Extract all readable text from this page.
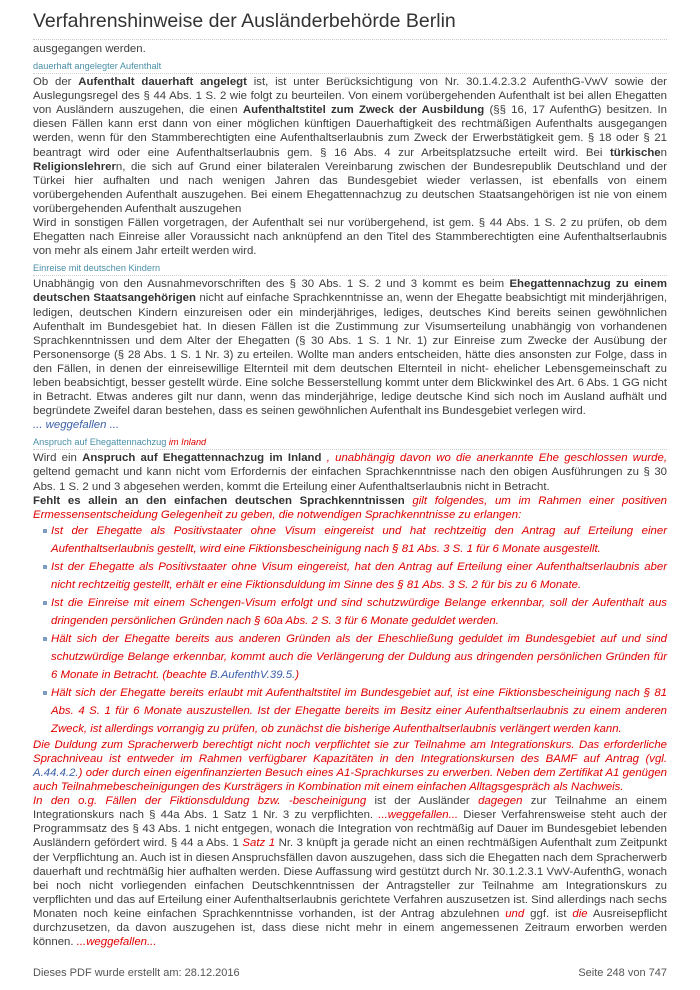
Verfahrenshinweise der Ausländerbehörde Berlin

ausgegangen werden.

dauerhaft angelegter Aufenthalt

Ob der Aufenthalt dauerhaft angelegt ist, ist unter Berücksichtigung von Nr. 30.1.4.2.3.2 AufenthG-VwV sowie der Auslegungsregel des § 44 Abs. 1 S. 2 wie folgt zu beurteilen. Von einem vorübergehenden Aufenthalt ist bei allen Ehegatten von Ausländern auszugehen, die einen Aufenthaltstitel zum Zweck der Ausbildung (§§ 16, 17 AufenthG) besitzen. In diesen Fällen kann erst dann von einer möglichen künftigen Dauerhaftigkeit des rechtmäßigen Aufenthalts ausgegangen werden, wenn für den Stammberechtigten eine Aufenthaltserlaubnis zum Zweck der Erwerbstätigkeit gem. § 18 oder § 21 beantragt wird oder eine Aufenthaltserlaubnis gem. § 16 Abs. 4 zur Arbeitsplatzsuche erteilt wird. Bei türkischen Religionslehrern, die sich auf Grund einer bilateralen Vereinbarung zwischen der Bundesrepublik Deutschland und der Türkei hier aufhalten und nach wenigen Jahren das Bundesgebiet wieder verlassen, ist ebenfalls von einem vorübergehenden Aufenthalt auszugehen. Bei einem Ehegattennachzug zu deutschen Staatsangehörigen ist nie von einem vorübergehenden Aufenthalt auszugehen

Wird in sonstigen Fällen vorgetragen, der Aufenthalt sei nur vorübergehend, ist gem. § 44 Abs. 1 S. 2 zu prüfen, ob dem Ehegatten nach Einreise aller Voraussicht nach anknüpfend an den Titel des Stammberechtigten eine Aufenthaltserlaubnis von mehr als einem Jahr erteilt werden wird.

Einreise mit deutschen Kindern

Unabhängig von den Ausnahmevorschriften des § 30 Abs. 1 S. 2 und 3 kommt es beim Ehegattennachzug zu einem deutschen Staatsangehörigen nicht auf einfache Sprachkenntnisse an, wenn der Ehegatte beabsichtigt mit minderjährigen, ledigen, deutschen Kindern einzureisen oder ein minderjähriges, lediges, deutsches Kind bereits seinen gewöhnlichen Aufenthalt im Bundesgebiet hat. In diesen Fällen ist die Zustimmung zur Visumserteilung unabhängig von vorhandenen Sprachkenntnissen und dem Alter der Ehegatten (§ 30 Abs. 1 S. 1 Nr. 1) zur Einreise zum Zwecke der Ausübung der Personensorge (§ 28 Abs. 1 S. 1 Nr. 3) zu erteilen. Wollte man anders entscheiden, hätte dies ansonsten zur Folge, dass in den Fällen, in denen der einreisewillige Elternteil mit dem deutschen Elternteil in nicht- ehelicher Lebensgemeinschaft zu leben beabsichtigt, besser gestellt würde. Eine solche Besserstellung kommt unter dem Blickwinkel des Art. 6 Abs. 1 GG nicht in Betracht. Etwas anderes gilt nur dann, wenn das minderjährige, ledige deutsche Kind sich noch im Ausland aufhält und begründete Zweifel daran bestehen, dass es seinen gewöhnlichen Aufenthalt ins Bundesgebiet verlegen wird.

... weggefallen ...

Anspruch auf Ehegattennachzug im Inland

Wird ein Anspruch auf Ehegattennachzug im Inland , unabhängig davon wo die anerkannte Ehe geschlossen wurde, geltend gemacht und kann nicht vom Erfordernis der einfachen Sprachkenntnisse nach den obigen Ausführungen zu § 30 Abs. 1 S. 2 und 3 abgesehen werden, kommt die Erteilung einer Aufenthaltserlaubnis nicht in Betracht.

Fehlt es allein an den einfachen deutschen Sprachkenntnissen gilt folgendes, um im Rahmen einer positiven Ermessensentscheidung Gelegenheit zu geben, die notwendigen Sprachkenntnisse zu erlangen:

Ist der Ehegatte als Positivstaater ohne Visum eingereist und hat rechtzeitig den Antrag auf Erteilung einer Aufenthaltserlaubnis gestellt, wird eine Fiktionsbescheinigung nach § 81 Abs. 3 S. 1 für 6 Monate ausgestellt.
Ist der Ehegatte als Positivstaater ohne Visum eingereist, hat den Antrag auf Erteilung einer Aufenthaltserlaubnis aber nicht rechtzeitig gestellt, erhält er eine Fiktionsduldung im Sinne des § 81 Abs. 3 S. 2 für bis zu 6 Monate.
Ist die Einreise mit einem Schengen-Visum erfolgt und sind schutzwürdige Belange erkennbar, soll der Aufenthalt aus dringenden persönlichen Gründen nach § 60a Abs. 2 S. 3 für 6 Monate geduldet werden.
Hält sich der Ehegatte bereits aus anderen Gründen als der Eheschließung geduldet im Bundesgebiet auf und sind schutzwürdige Belange erkennbar, kommt auch die Verlängerung der Duldung aus dringenden persönlichen Gründen für 6 Monate in Betracht. (beachte B.AufenthV.39.5.)
Hält sich der Ehegatte bereits erlaubt mit Aufenthaltstitel im Bundesgebiet auf, ist eine Fiktionsbescheinigung nach § 81 Abs. 4 S. 1 für 6 Monate auszustellen. Ist der Ehegatte bereits im Besitz einer Aufenthaltserlaubnis zu einem anderen Zweck, ist allerdings vorrangig zu prüfen, ob zunächst die bisherige Aufenthaltserlaubnis verlängert werden kann.

Die Duldung zum Spracherwerb berechtigt nicht noch verpflichtet sie zur Teilnahme am Integrationskurs. Das erforderliche Sprachniveau ist entweder im Rahmen verfügbarer Kapazitäten in den Integrationskursen des BAMF auf Antrag (vgl. A.44.4.2.) oder durch einen eigenfinanzierten Besuch eines A1-Sprachkurses zu erwerben. Neben dem Zertifikat A1 genügen auch Teilnahmebescheinigungen des Kursträgers in Kombination mit einem einfachen Alltagsgespräch als Nachweis.

In den o.g. Fällen der Fiktionsduldung bzw. -bescheinigung ist der Ausländer dagegen zur Teilnahme an einem Integrationskurs nach § 44a Abs. 1 Satz 1 Nr. 3 zu verpflichten. ...weggefallen... Dieser Verfahrensweise steht auch der Programmsatz des § 43 Abs. 1 nicht entgegen, wonach die Integration von rechtmäßig auf Dauer im Bundesgebiet lebenden Ausländern gefördert wird. § 44 a Abs. 1 Satz 1 Nr. 3 knüpft ja gerade nicht an einen rechtmäßigen Aufenthalt zum Zeitpunkt der Verpflichtung an. Auch ist in diesen Anspruchsfällen davon auszugehen, dass sich die Ehegatten nach dem Spracherwerb dauerhaft und rechtmäßig hier aufhalten werden. Diese Auffassung wird gestützt durch Nr. 30.1.2.3.1 VwV-AufenthG, wonach bei noch nicht vorliegenden einfachen Deutschkenntnissen der Antragsteller zur Teilnahme am Integrationskurs zu verpflichten und das auf Erteilung einer Aufenthaltserlaubnis gerichtete Verfahren auszusetzen ist. Sind allerdings nach sechs Monaten noch keine einfachen Sprachkenntnisse vorhanden, ist der Antrag abzulehnen und ggf. ist die Ausreisepflicht durchzusetzen, da davon auszugehen ist, dass diese nicht mehr in einem angemessenen Zeitraum erworben werden können. ...weggefallen...

Dieses PDF wurde erstellt am: 28.12.2016	Seite 248 von 747
